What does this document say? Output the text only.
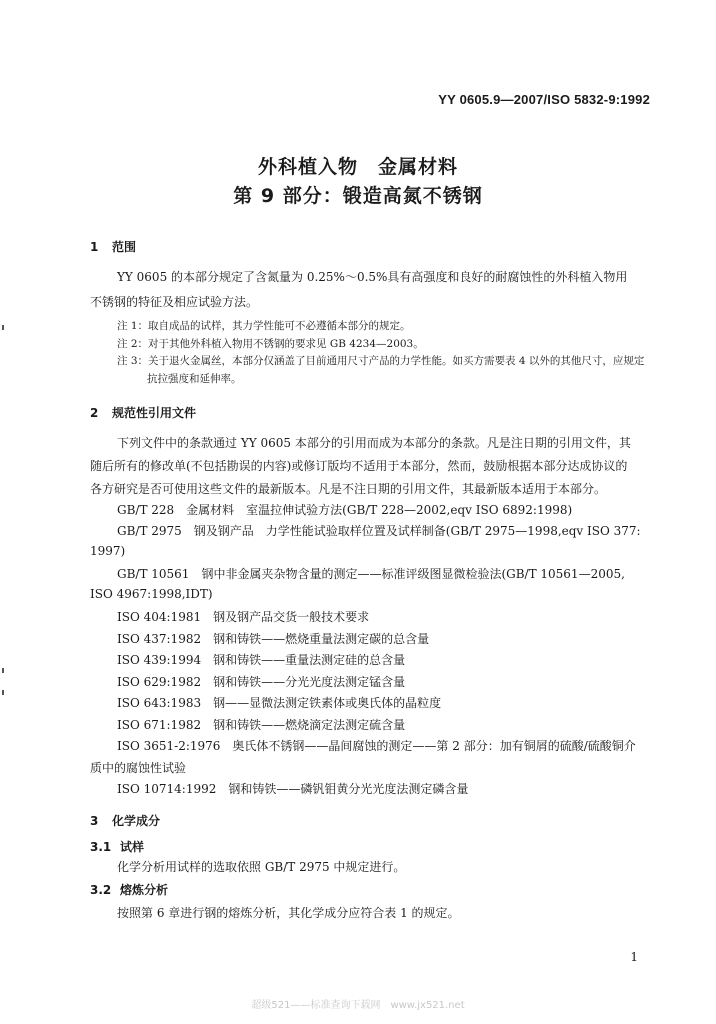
YY 0605.9—2007/ISO 5832-9:1992
外科植入物　金属材料
第 9 部分：锻造高氮不锈钢
1 范围
YY 0605 的本部分规定了含氮量为 0.25%～0.5%具有高强度和良好的耐腐蚀性的外科植入物用
不锈钢的特征及相应试验方法。
注 1：取自成品的试样，其力学性能可不必遵循本部分的规定。
注 2：对于其他外科植入物用不锈钢的要求见 GB 4234—2003。
注 3：关于退火金属丝，本部分仅涵盖了目前通用尺寸产品的力学性能。如买方需要表 4 以外的其他尺寸，应规定
抗拉强度和延伸率。
2 规范性引用文件
下列文件中的条款通过 YY 0605 本部分的引用而成为本部分的条款。凡是注日期的引用文件，其
随后所有的修改单(不包括勘误的内容)或修订版均不适用于本部分，然而，鼓励根据本部分达成协议的
各方研究是否可使用这些文件的最新版本。凡是不注日期的引用文件，其最新版本适用于本部分。
GB/T 228　金属材料　室温拉伸试验方法(GB/T 228—2002,eqv ISO 6892:1998)
GB/T 2975　钢及钢产品　力学性能试验取样位置及试样制备(GB/T 2975—1998,eqv ISO 377:
1997)
GB/T 10561　钢中非金属夹杂物含量的测定——标准评级图显微检验法(GB/T 10561—2005,
ISO 4967:1998,IDT)
ISO 404:1981　钢及钢产品交货一般技术要求
ISO 437:1982　钢和铸铁——燃烧重量法测定碳的总含量
ISO 439:1994　钢和铸铁——重量法测定硅的总含量
ISO 629:1982　钢和铸铁——分光光度法测定锰含量
ISO 643:1983　钢——显微法测定铁素体或奥氏体的晶粒度
ISO 671:1982　钢和铸铁——燃烧滴定法测定硫含量
ISO 3651-2:1976　奥氏体不锈钢——晶间腐蚀的测定——第 2 部分：加有铜屑的硫酸/硫酸铜介
质中的腐蚀性试验
ISO 10714:1992　钢和铸铁——磷钒钼黄分光光度法测定磷含量
3 化学成分
3.1 试样
化学分析用试样的选取依照 GB/T 2975 中规定进行。
3.2 熔炼分析
按照第 6 章进行钢的熔炼分析，其化学成分应符合表 1 的规定。
1
超级521——标准查询下载网　www.jx521.net
